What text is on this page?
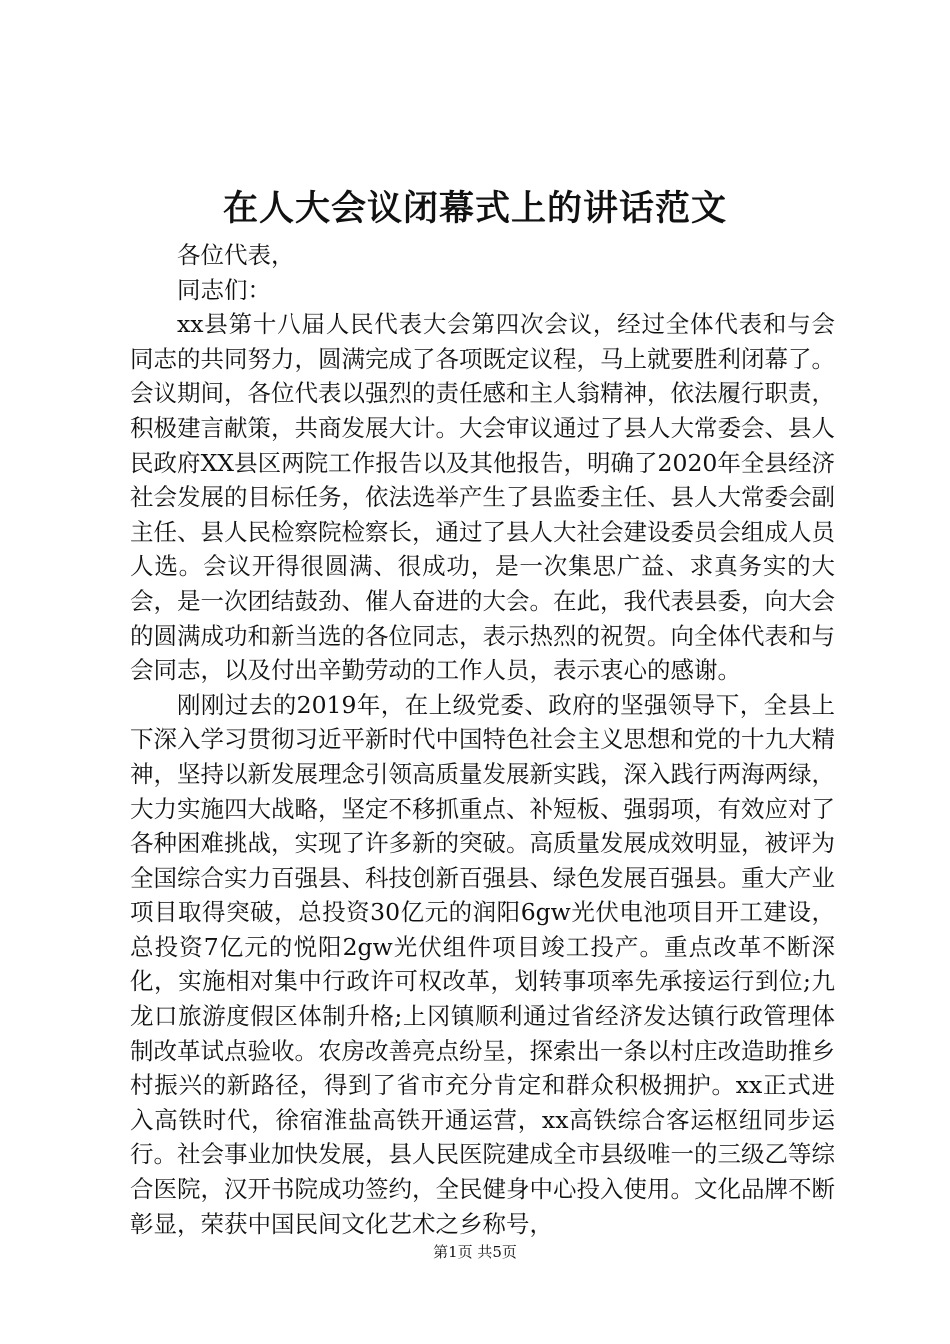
在人大会议闭幕式上的讲话范文

各位代表，

同志们：

xx县第十八届人民代表大会第四次会议，经过全体代表和与会同志的共同努力，圆满完成了各项既定议程，马上就要胜利闭幕了。会议期间，各位代表以强烈的责任感和主人翁精神，依法履行职责，积极建言献策，共商发展大计。大会审议通过了县人大常委会、县人民政府XX县区两院工作报告以及其他报告，明确了2020年全县经济社会发展的目标任务，依法选举产生了县监委主任、县人大常委会副主任、县人民检察院检察长，通过了县人大社会建设委员会组成人员人选。会议开得很圆满、很成功，是一次集思广益、求真务实的大会，是一次团结鼓劲、催人奋进的大会。在此，我代表县委，向大会的圆满成功和新当选的各位同志，表示热烈的祝贺。向全体代表和与会同志，以及付出辛勤劳动的工作人员，表示衷心的感谢。

刚刚过去的2019年，在上级党委、政府的坚强领导下，全县上下深入学习贯彻习近平新时代中国特色社会主义思想和党的十九大精神，坚持以新发展理念引领高质量发展新实践，深入践行两海两绿，大力实施四大战略，坚定不移抓重点、补短板、强弱项，有效应对了各种困难挑战，实现了许多新的突破。高质量发展成效明显，被评为全国综合实力百强县、科技创新百强县、绿色发展百强县。重大产业项目取得突破，总投资30亿元的润阳6gw光伏电池项目开工建设，总投资7亿元的悦阳2gw光伏组件项目竣工投产。重点改革不断深化，实施相对集中行政许可权改革，划转事项率先承接运行到位;九龙口旅游度假区体制升格;上冈镇顺利通过省经济发达镇行政管理体制改革试点验收。农房改善亮点纷呈，探索出一条以村庄改造助推乡村振兴的新路径，得到了省市充分肯定和群众积极拥护。xx正式进入高铁时代，徐宿淮盐高铁开通运营，xx高铁综合客运枢纽同步运行。社会事业加快发展，县人民医院建成全市县级唯一的三级乙等综合医院，汉开书院成功签约，全民健身中心投入使用。文化品牌不断彰显，荣获中国民间文化艺术之乡称号，

第1页 共5页
